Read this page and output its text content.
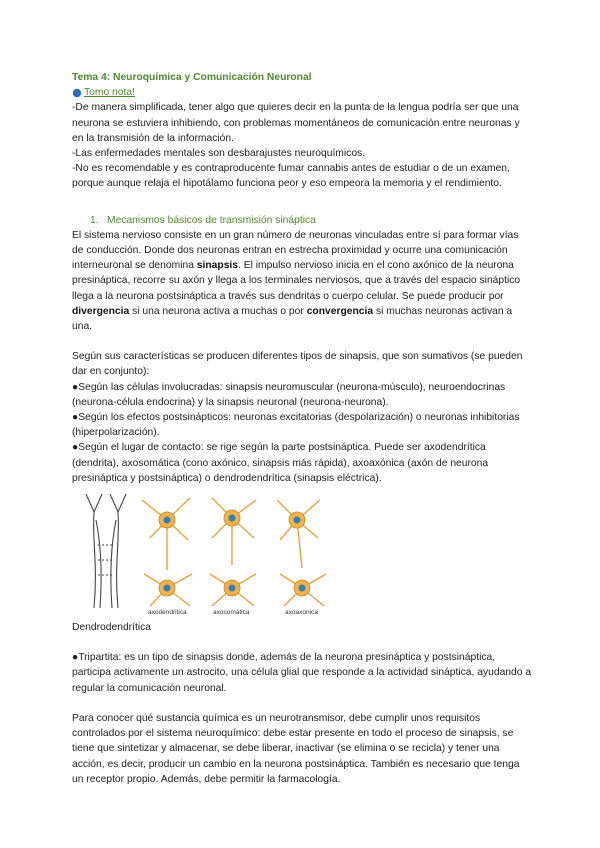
Tema 4: Neuroquímica y Comunicación Neuronal

Tomo nota!

-De manera simplificada, tener algo que quieres decir en la punta de la lengua podría ser que una neurona se estuviera inhibiendo, con problemas momentáneos de comunicación entre neuronas y en la transmisión de la información.

-Las enfermedades mentales son desbarajustes neuroquímicos.

-No es recomendable y es contraproducente fumar cannabis antes de estudiar o de un examen, porque aunque relaja el hipotálamo funciona peor y eso empeora la memoria y el rendimiento.

1. Mecanismos básicos de transmisión sináptica

El sistema nervioso consiste en un gran número de neuronas vinculadas entre sí para formar vías de conducción. Donde dos neuronas entran en estrecha proximidad y ocurre una comunicación interneuronal se denomina sinapsis. El impulso nervioso inicia en el cono axónico de la neurona presináptica, recorre su axón y llega a los terminales nerviosos, que a través del espacio sináptico llega a la neurona postsináptica a través sus dendritas o cuerpo celular. Se puede producir por divergencia si una neurona activa a muchas o por convergencia si muchas neuronas activan a una.

Según sus características se producen diferentes tipos de sinapsis, que son sumativos (se pueden dar en conjunto):

●Según las células involucradas: sinapsis neuromuscular (neurona-músculo), neuroendocrinas (neurona-célula endocrina) y la sinapsis neuronal (neurona-neurona).

●Según los efectos postsinápticos: neuronas excitatorias (despolarización) o neuronas inhibitorias (hiperpolarización).

●Según el lugar de contacto: se rige según la parte postsináptica. Puede ser axodendrítica (dendrita), axosomática (cono axónico, sinapsis más rápida), axoaxónica (axón de neurona presináptica y postsináptica) o dendrodendrítica (sinapsis eléctrica).

axodendritica	axosomatica	axoaxonica

Dendrodendrítica

●Tripartita: es un tipo de sinapsis donde, además de la neurona presináptica y postsináptica, participa activamente un astrocito, una célula glial que responde a la actividad sináptica, ayudando a regular la comunicación neuronal.

Para conocer qué sustancia química es un neurotransmisor, debe cumplir unos requisitos controlados por el sistema neuroquímico: debe estar presente en todo el proceso de sinapsis, se tiene que sintetizar y almacenar, se debe liberar, inactivar (se elimina o se recicla) y tener una acción, es decir, producir un cambio en la neurona postsináptica. También es necesario que tenga un receptor propio. Además, debe permitir la farmacología.
